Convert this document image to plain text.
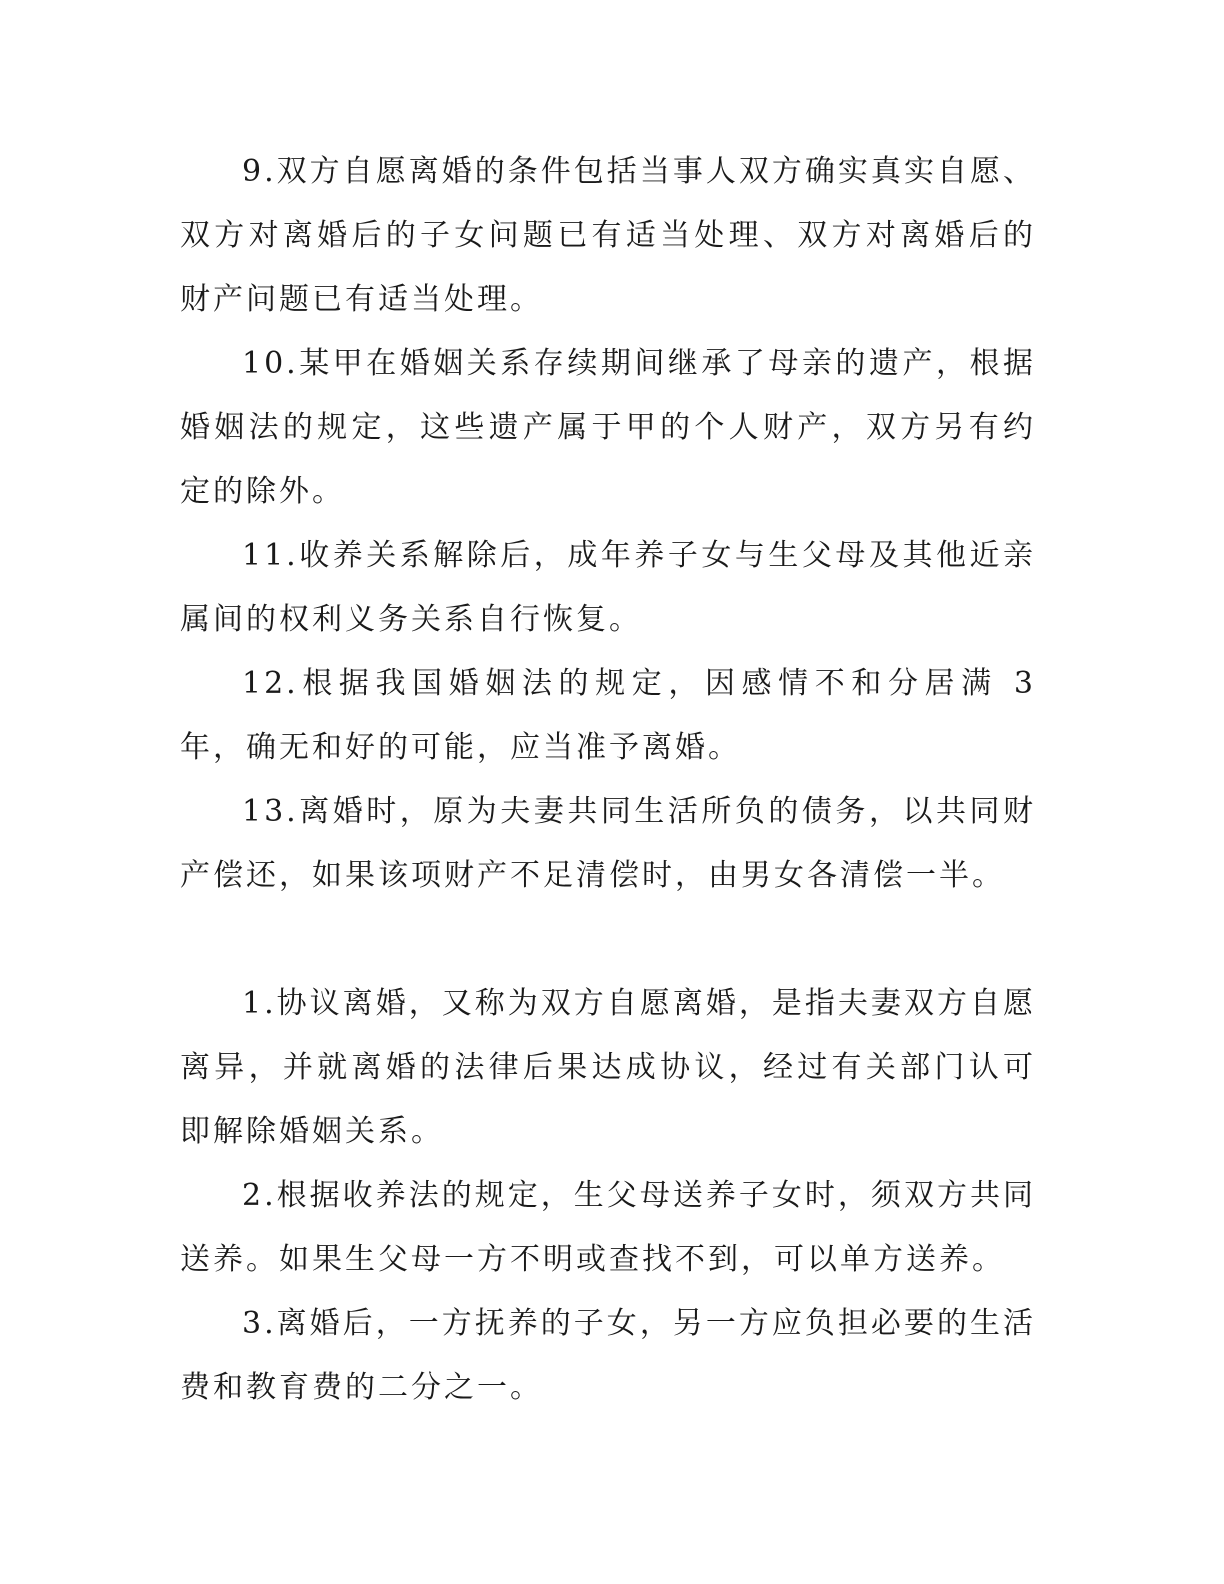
9.双方自愿离婚的条件包括当事人双方确实真实自愿、双方对离婚后的子女问题已有适当处理、双方对离婚后的财产问题已有适当处理。

10.某甲在婚姻关系存续期间继承了母亲的遗产，根据婚姻法的规定，这些遗产属于甲的个人财产，双方另有约定的除外。

11.收养关系解除后，成年养子女与生父母及其他近亲属间的权利义务关系自行恢复。

12.根据我国婚姻法的规定，因感情不和分居满 3 年，确无和好的可能，应当准予离婚。

13.离婚时，原为夫妻共同生活所负的债务，以共同财产偿还，如果该项财产不足清偿时，由男女各清偿一半。

1.协议离婚，又称为双方自愿离婚，是指夫妻双方自愿离异，并就离婚的法律后果达成协议，经过有关部门认可即解除婚姻关系。

2.根据收养法的规定，生父母送养子女时，须双方共同送养。如果生父母一方不明或查找不到，可以单方送养。

3.离婚后，一方抚养的子女，另一方应负担必要的生活费和教育费的二分之一。
